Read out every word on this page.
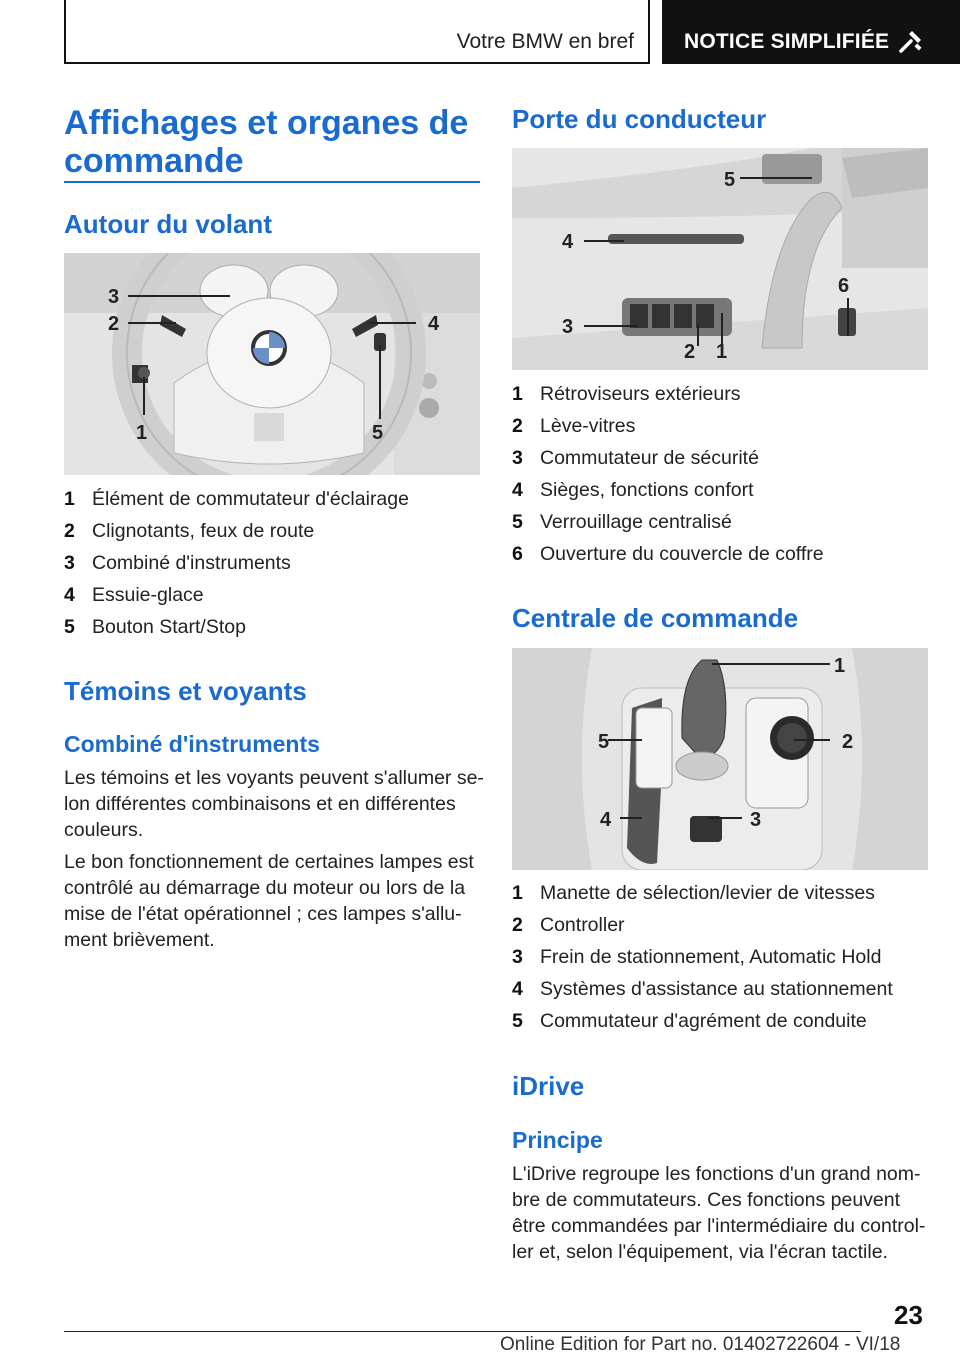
Votre BMW en bref NOTICE SIMPLIFIÉE
Affichages et organes de
commande
Autour du volant
3
2	4
1	5
1 Élément de commutateur d'éclairage
2 Clignotants, feux de route
3 Combiné d'instruments
4 Essuie-glace
5 Bouton Start/Stop
Témoins et voyants
Combiné d'instruments
Les témoins et les voyants peuvent s'allumer se-
lon différentes combinaisons et en différentes
couleurs.
Le bon fonctionnement de certaines lampes est
contrôlé au démarrage du moteur ou lors de la
mise de l'état opérationnel ; ces lampes s'allu-
ment brièvement.
Porte du conducteur
5
4
3
2 1
6
1 Rétroviseurs extérieurs
2 Lève-vitres
3 Commutateur de sécurité
4 Sièges, fonctions confort
5 Verrouillage centralisé
6 Ouverture du couvercle de coffre
Centrale de commande
1
5	2
4	3
1 Manette de sélection/levier de vitesses
2 Controller
3 Frein de stationnement, Automatic Hold
4 Systèmes d'assistance au stationnement
5 Commutateur d'agrément de conduite
iDrive
Principe
L'iDrive regroupe les fonctions d'un grand nom-
bre de commutateurs. Ces fonctions peuvent
être commandées par l'intermédiaire du control-
ler et, selon l'équipement, via l'écran tactile.
23
Online Edition for Part no. 01402722604 - VI/18
